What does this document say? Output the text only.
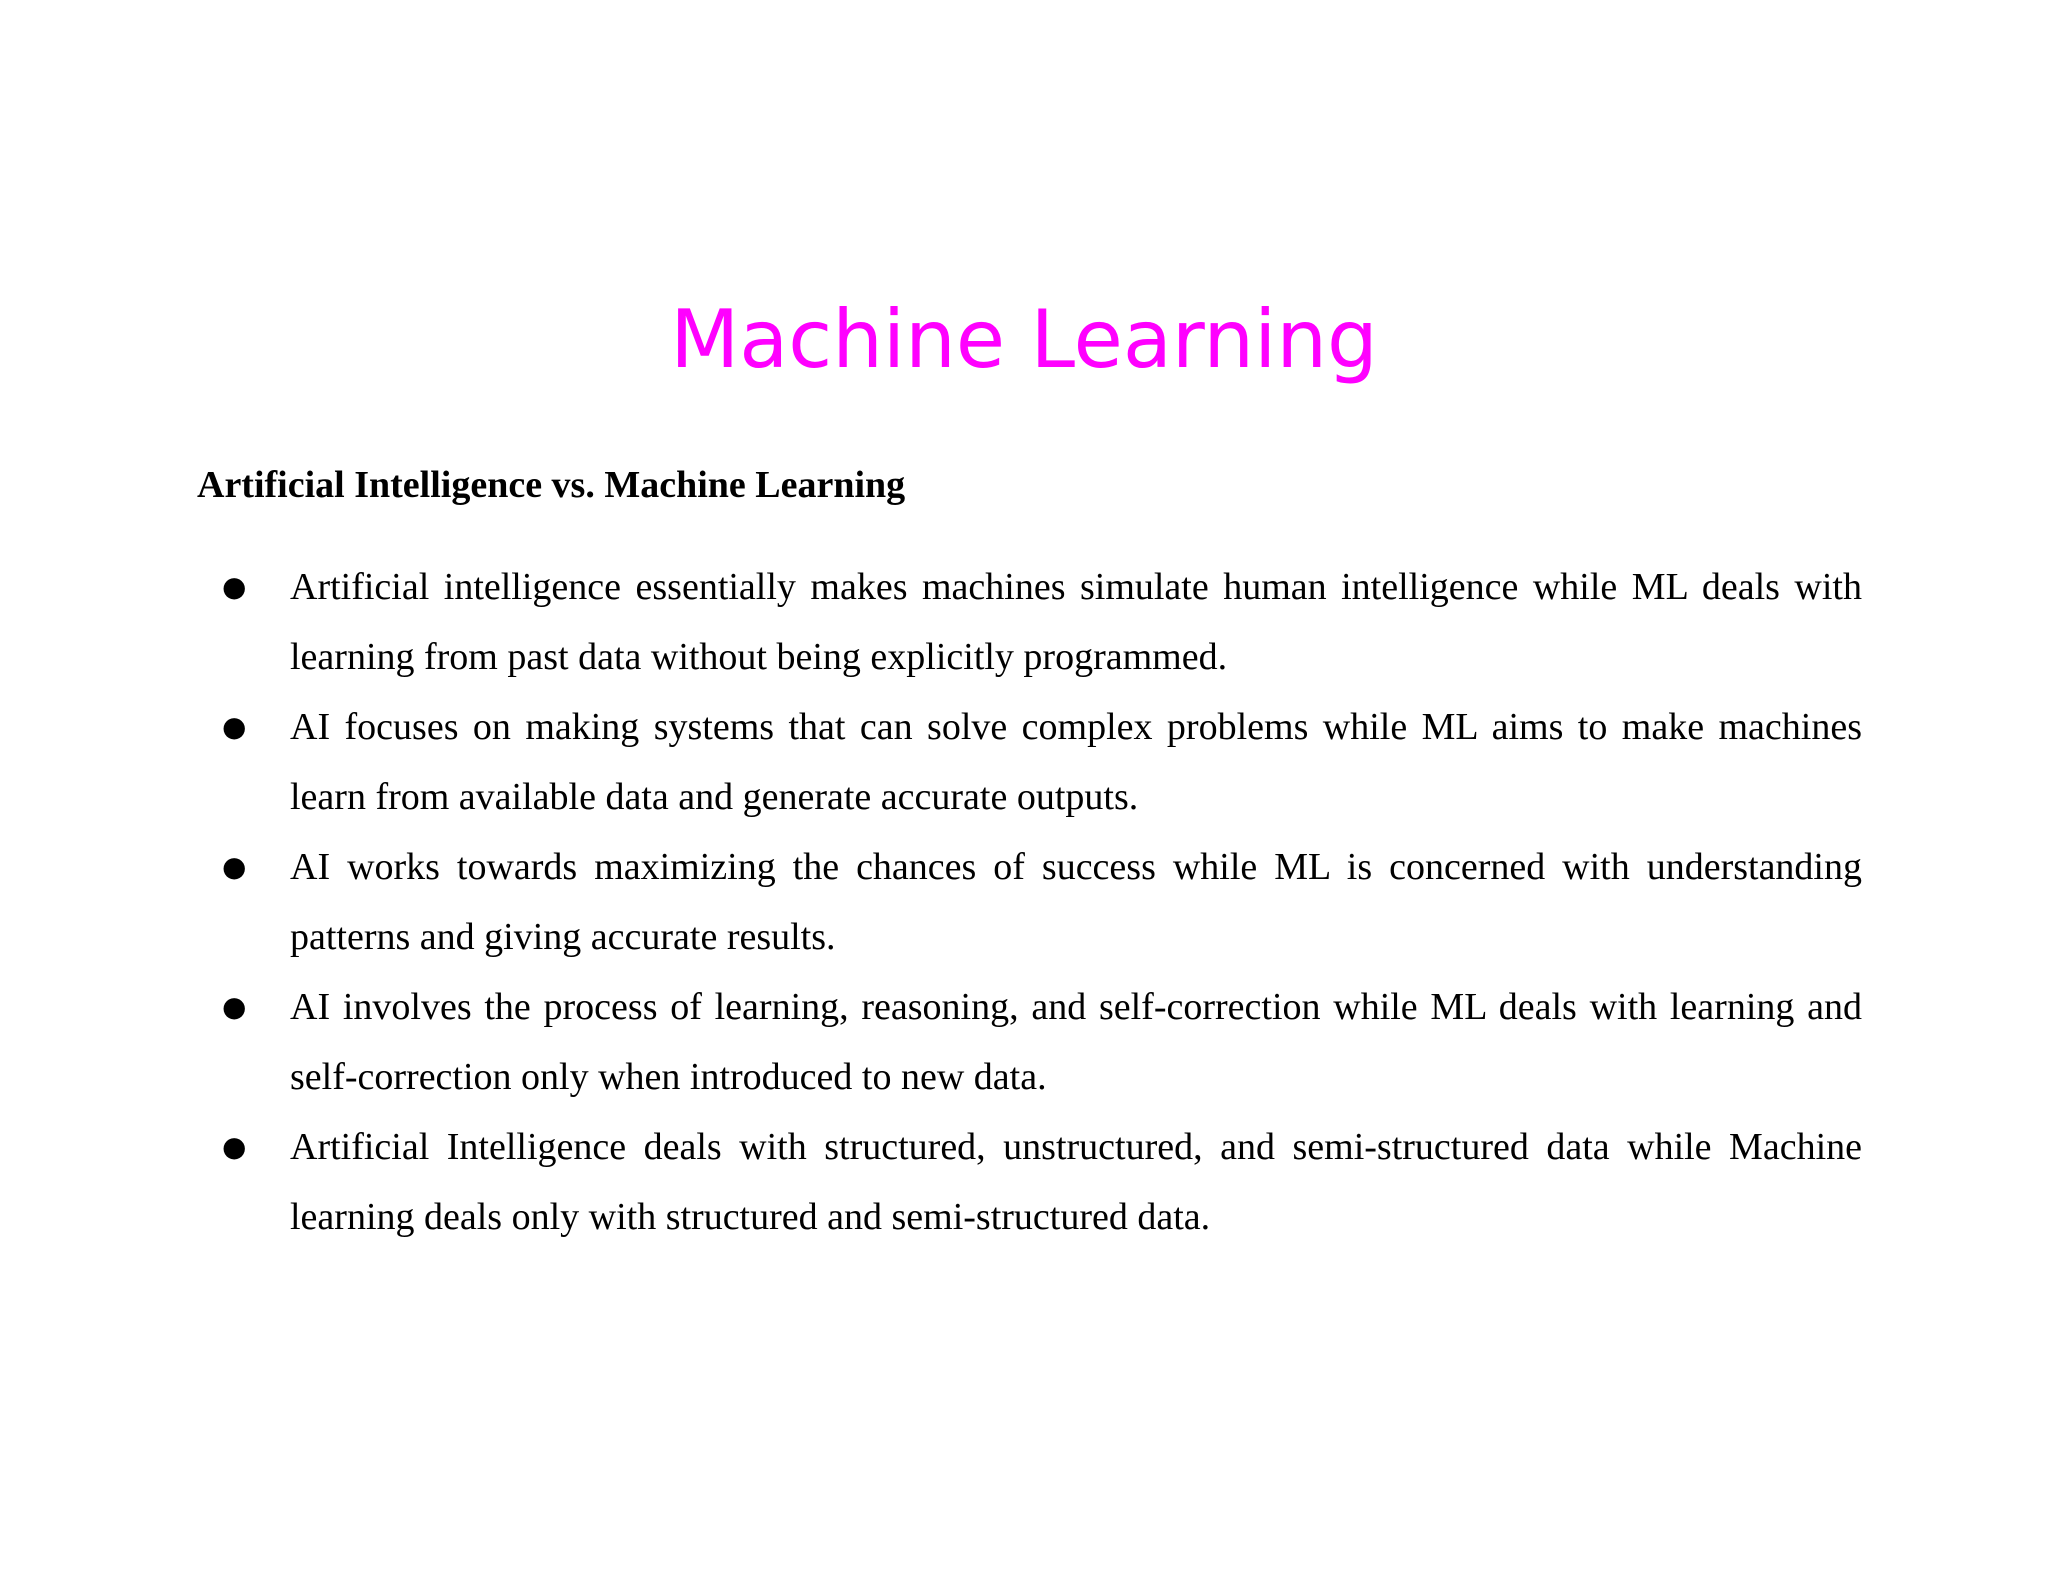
Machine Learning
Artificial Intelligence vs. Machine Learning
●	Artificial intelligence essentially makes machines simulate human intelligence while ML deals with learning from past data without being explicitly programmed.
●	AI focuses on making systems that can solve complex problems while ML aims to make machines learn from available data and generate accurate outputs.
●	AI works towards maximizing the chances of success while ML is concerned with understanding patterns and giving accurate results.
●	AI involves the process of learning, reasoning, and self-correction while ML deals with learning and self-correction only when introduced to new data.
●	Artificial Intelligence deals with structured, unstructured, and semi-structured data while Machine learning deals only with structured and semi-structured data.
